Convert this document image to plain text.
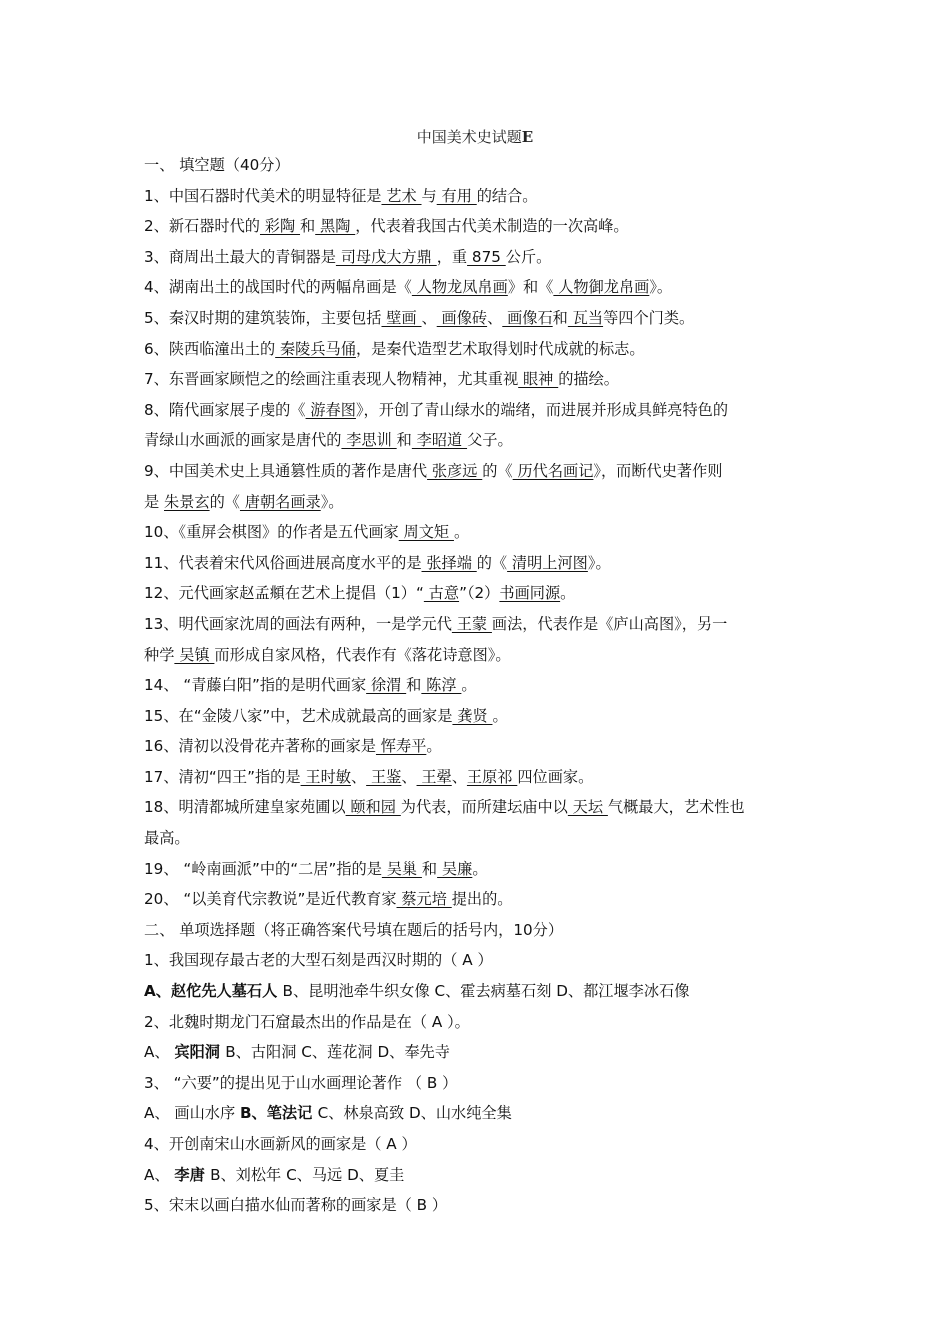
中国美术史试题E
一、 填空题（40分）
1、中国石器时代美术的明显特征是 艺术 与 有用 的结合。
2、新石器时代的 彩陶 和 黑陶 ，代表着我国古代美术制造的一次高峰。
3、商周出土最大的青铜器是 司母戊大方鼎 ，重 875 公斤。
4、湖南出土的战国时代的两幅帛画是《 人物龙凤帛画》和《 人物御龙帛画》。
5、秦汉时期的建筑装饰，主要包括 壁画 、 画像砖、 画像石和 瓦当等四个门类。
6、陕西临潼出土的 秦陵兵马俑，是秦代造型艺术取得划时代成就的标志。
7、东晋画家顾恺之的绘画注重表现人物精神，尤其重视 眼神 的描绘。
8、隋代画家展子虔的《 游春图》，开创了青山绿水的端绪，而进展并形成具鲜亮特色的
青绿山水画派的画家是唐代的 李思训 和 李昭道 父子。
9、中国美术史上具通篡性质的著作是唐代 张彦远 的《 历代名画记》，而断代史著作则
是 朱景玄的《 唐朝名画录》。
10、《重屏会棋图》的作者是五代画家 周文矩 。
11、代表着宋代风俗画进展高度水平的是 张择端 的《 清明上河图》。
12、元代画家赵孟頫在艺术上提倡（1）“ 古意”（2）书画同源。
13、明代画家沈周的画法有两种，一是学元代 王蒙 画法，代表作是《庐山高图》，另一
种学 吴镇 而形成自家风格，代表作有《落花诗意图》。
14、 “青藤白阳”指的是明代画家 徐渭 和 陈淳 。
15、在“金陵八家”中，艺术成就最高的画家是 龚贤 。
16、清初以没骨花卉著称的画家是 恽寿平。
17、清初“四王”指的是 王时敏、 王鉴、 王翚、王原祁 四位画家。
18、明清都城所建皇家苑圃以 颐和园 为代表，而所建坛庙中以 天坛 气概最大，艺术性也
最高。
19、 “岭南画派”中的“二居”指的是 吴巢 和 吴廉。
20、 “以美育代宗教说”是近代教育家 蔡元培 提出的。
二、 单项选择题（将正确答案代号填在题后的括号内，10分）
1、我国现存最古老的大型石刻是西汉时期的（ A ）
A、赵佗先人墓石人 B、昆明池牵牛织女像 C、霍去病墓石刻 D、都江堰李冰石像
2、北魏时期龙门石窟最杰出的作品是在（ A ）。
A、 宾阳洞 B、古阳洞 C、莲花洞 D、奉先寺
3、 “六要”的提出见于山水画理论著作 （ B ）
A、 画山水序 B、笔法记 C、林泉高致 D、山水纯全集
4、开创南宋山水画新风的画家是（ A ）
A、 李唐 B、刘松年 C、马远 D、夏圭
5、宋末以画白描水仙而著称的画家是（ B ）
